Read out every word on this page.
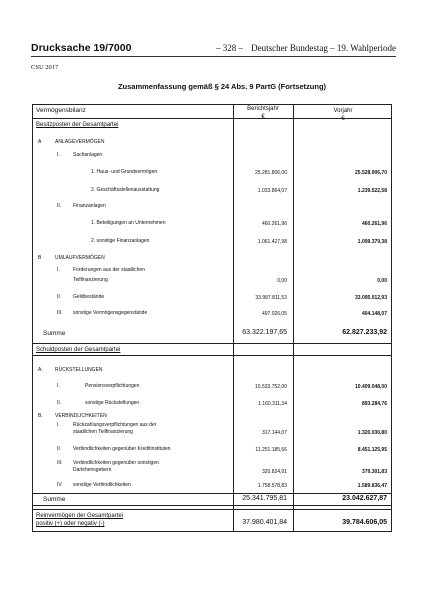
Drucksache 19/7000	– 328 – Deutscher Bundestag – 19. Wahlperiode
CSU 2017
Zusammenfassung gemäß § 24 Abs. 9 PartG (Fortsetzung)
Vermögensbilanz	Berichtsjahr
€
Vorjahr
€
Besitzposten der Gesamtpartei
A	ANLAGEVERMÖGEN
I.	Sachanlagen
1. Haus- und Grundvermögen	25.281.806,06	25.528.906,70
2. Geschäftsstellenausstattung	1.033.864,07	1.239.522,58
II. Finanzanlagen
1. Beteiligungen an Unternehmen	460.261,96	460.261,96
2. sonstige Finanzanlagen	1.061.427,98	1.099.379,38
B	UMLAUFVERMÖGEN
I.	Forderungen aus der staatlichen
Teilfinanzierung	0,00	0,00
II. Geldbestände	33.987.811,53	33.095.012,93
III. sonstige Vermögensgegenstände	497.026,05	404.148,07
Summe	63.322.197,65	62.827.233,92
Schuldposten der Gesamtpartei
A. RÜCKSTELLUNGEN
I.	Pensionsverpflichtungen	10.533.752,00	10.409.048,00
II.	sonstige Rückstellungen	1.160.311,34	893.284,76
B. VERBINDLICHKEITEN
I.	Rückzahlungsverpflichtungen aus der
staatlichen Teilfinanzierung	317.144,07	1.320.030,80
II. Verbindlichkeiten gegenüber Kreditinstituten	11.251.185,66	8.451.125,95
III. Verbindlichkeiten gegenüber sonstigen
Darlehensgebern	320.824,91	379.301,83
IV. sonstige Verbindlichkeiten	1.758.578,83	1.589.836,47
Summe	25.341.795,81	23.042.627,87
Reinvermögen der Gesamtpartei
positiv (+) oder negativ (-)	37.980.401,84	39.784.606,05
